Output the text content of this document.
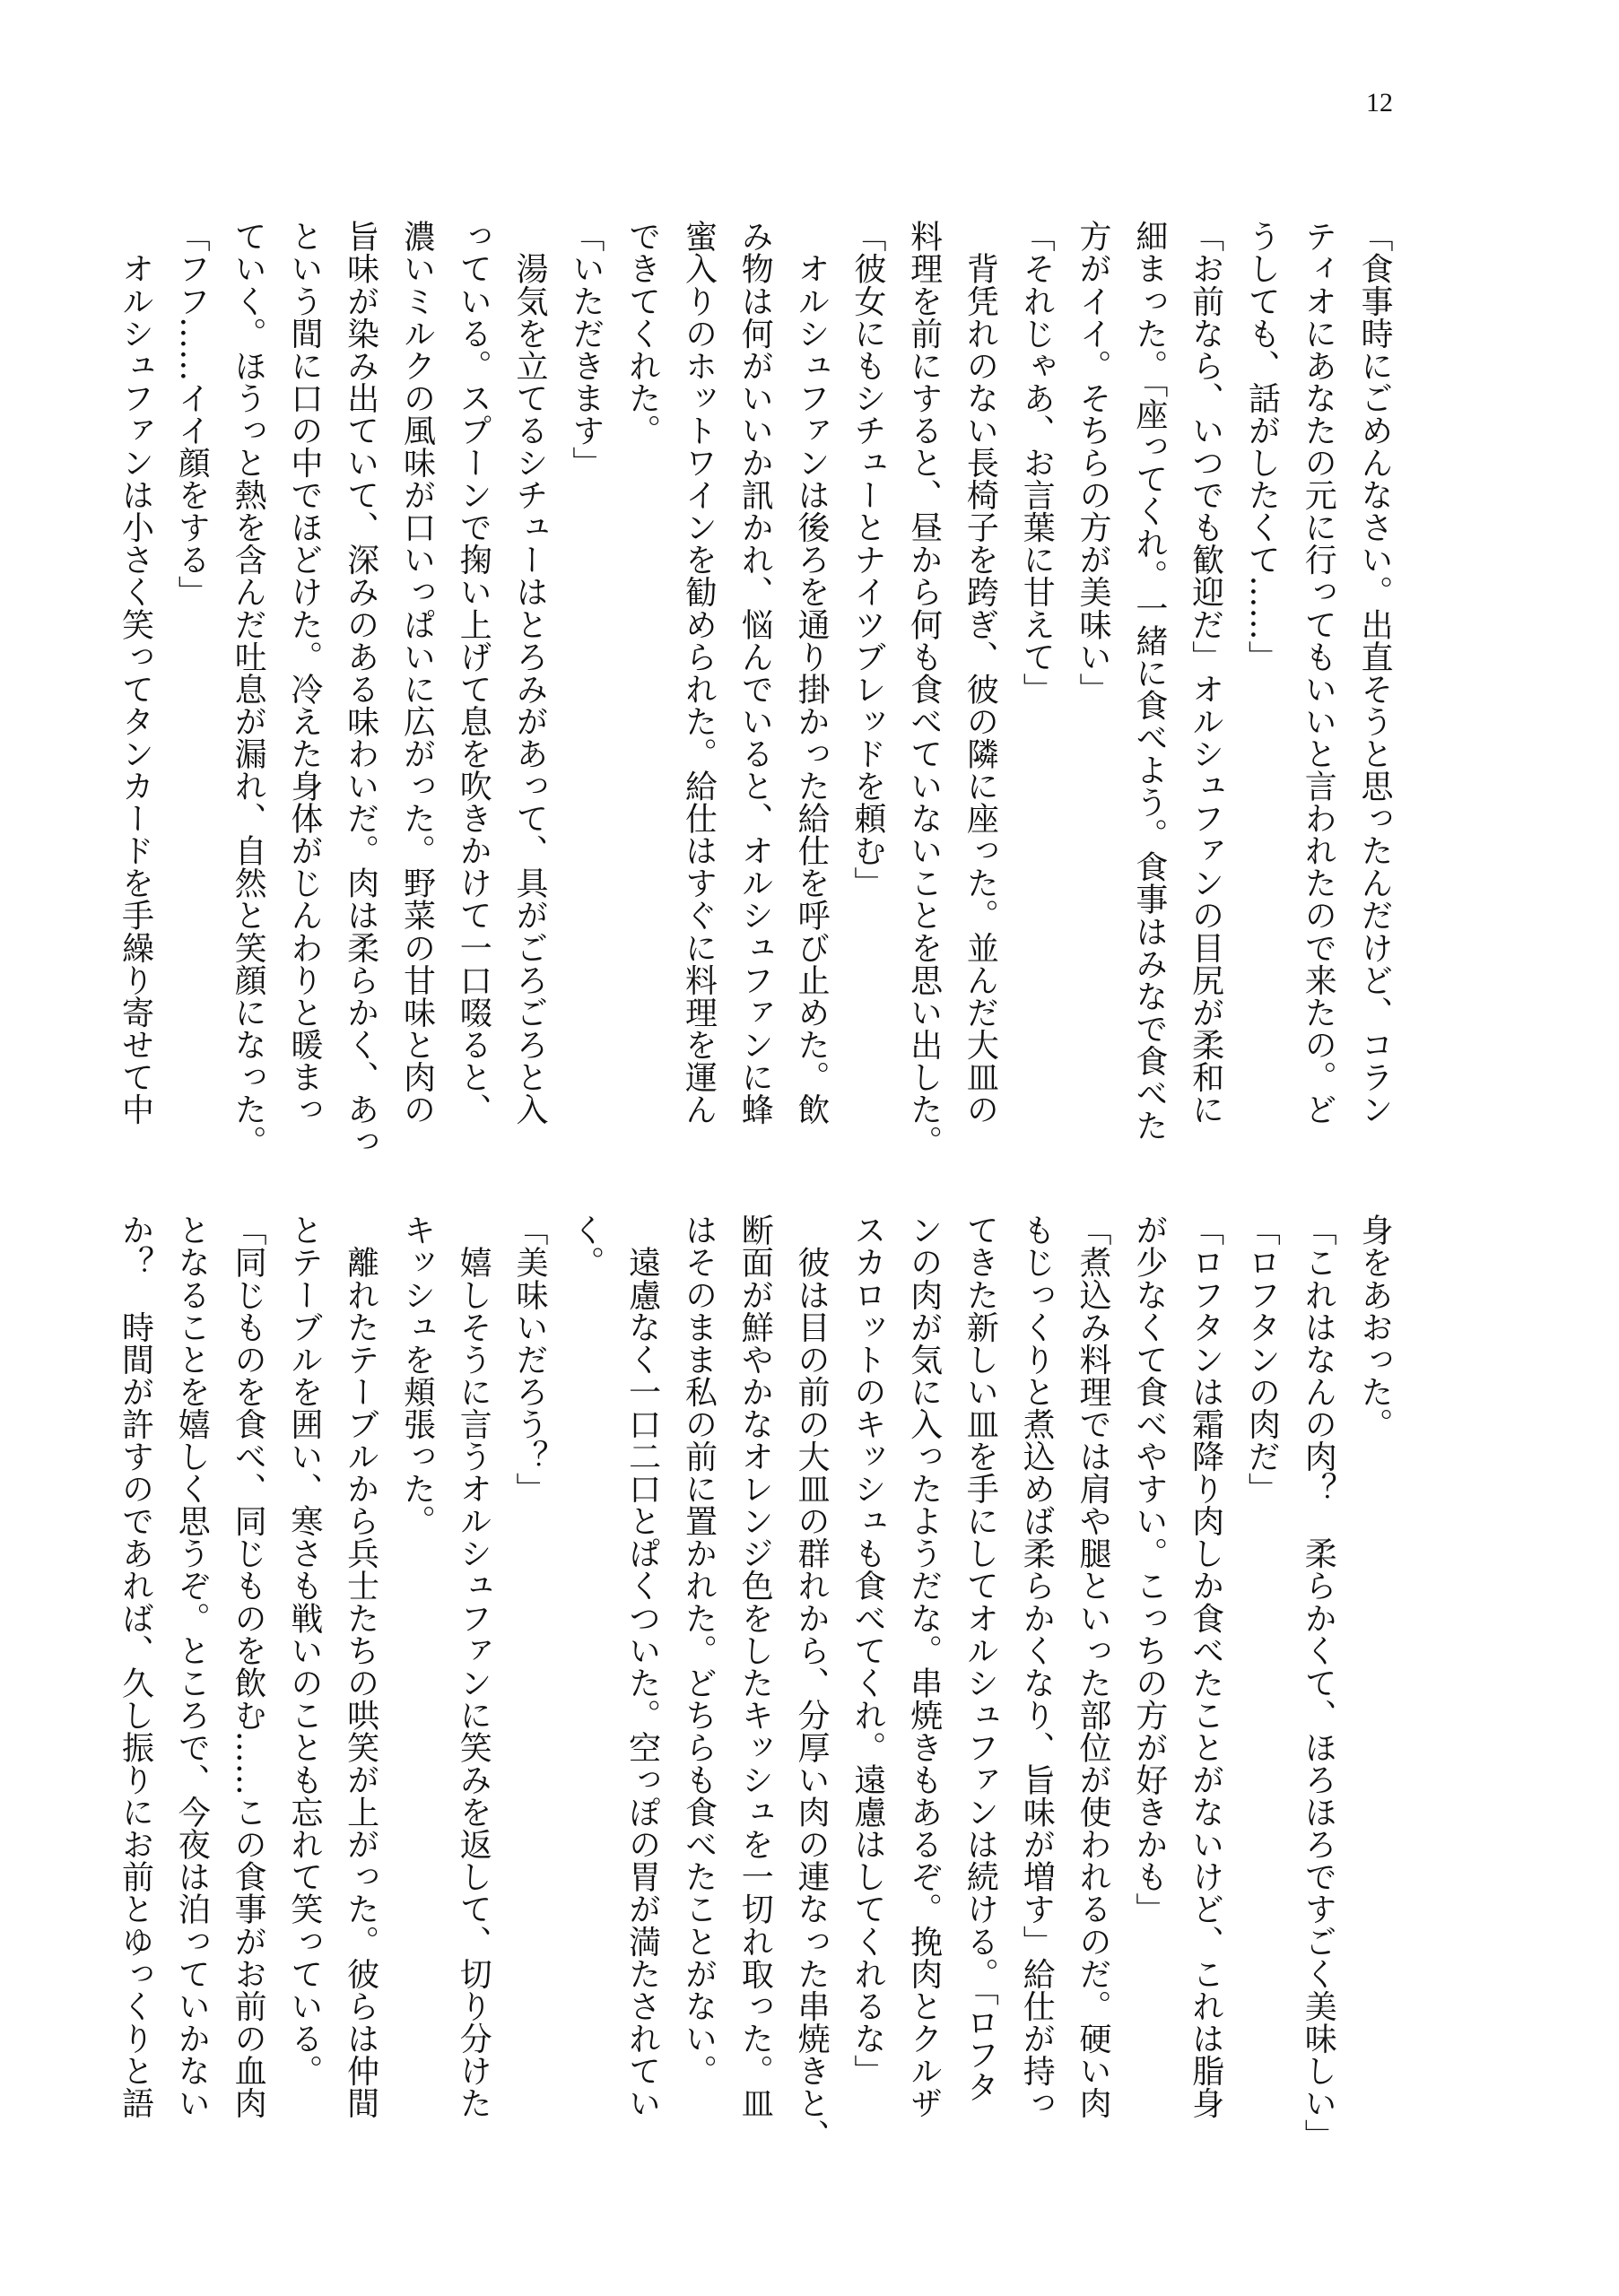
12
「食事時にごめんなさい。出直そうと思ったんだけど、コラン
ティオにあなたの元に行ってもいいと言われたので来たの。ど
うしても、話がしたくて……」
「お前なら、いつでも歓迎だ」オルシュファンの目尻が柔和に
細まった。「座ってくれ。一緒に食べよう。食事はみなで食べた
方がイイ。そちらの方が美味い」
「それじゃあ、お言葉に甘えて」
　背凭れのない長椅子を跨ぎ、彼の隣に座った。並んだ大皿の
料理を前にすると、昼から何も食べていないことを思い出した。
「彼女にもシチューとナイツブレッドを頼む」
　オルシュファンは後ろを通り掛かった給仕を呼び止めた。飲
み物は何がいいか訊かれ、悩んでいると、オルシュファンに蜂
蜜入りのホットワインを勧められた。給仕はすぐに料理を運ん
できてくれた。
「いただきます」
　湯気を立てるシチューはとろみがあって、具がごろごろと入
っている。スプーンで掬い上げて息を吹きかけて一口啜ると、
濃いミルクの風味が口いっぱいに広がった。野菜の甘味と肉の
旨味が染み出ていて、深みのある味わいだ。肉は柔らかく、あっ
という間に口の中でほどけた。冷えた身体がじんわりと暖まっ
ていく。ほうっと熱を含んだ吐息が漏れ、自然と笑顔になった。
「フフ……イイ顔をする」
　オルシュファンは小さく笑ってタンカードを手繰り寄せて中
身をあおった。
「これはなんの肉？　柔らかくて、ほろほろですごく美味しい」
「ロフタンの肉だ」
「ロフタンは霜降り肉しか食べたことがないけど、これは脂身
が少なくて食べやすい。こっちの方が好きかも」
「煮込み料理では肩や腿といった部位が使われるのだ。硬い肉
もじっくりと煮込めば柔らかくなり、旨味が増す」給仕が持っ
てきた新しい皿を手にしてオルシュファンは続ける。「ロフタ
ンの肉が気に入ったようだな。串焼きもあるぞ。挽肉とクルザ
スカロットのキッシュも食べてくれ。遠慮はしてくれるな」
　彼は目の前の大皿の群れから、分厚い肉の連なった串焼きと、
断面が鮮やかなオレンジ色をしたキッシュを一切れ取った。皿
はそのまま私の前に置かれた。どちらも食べたことがない。
　遠慮なく一口二口とぱくついた。空っぽの胃が満たされてい
く。
「美味いだろう？」
　嬉しそうに言うオルシュファンに笑みを返して、切り分けた
キッシュを頬張った。
　離れたテーブルから兵士たちの哄笑が上がった。彼らは仲間
とテーブルを囲い、寒さも戦いのことも忘れて笑っている。
「同じものを食べ、同じものを飲む……この食事がお前の血肉
となることを嬉しく思うぞ。ところで、今夜は泊っていかない
か？　時間が許すのであれば、久し振りにお前とゆっくりと語
